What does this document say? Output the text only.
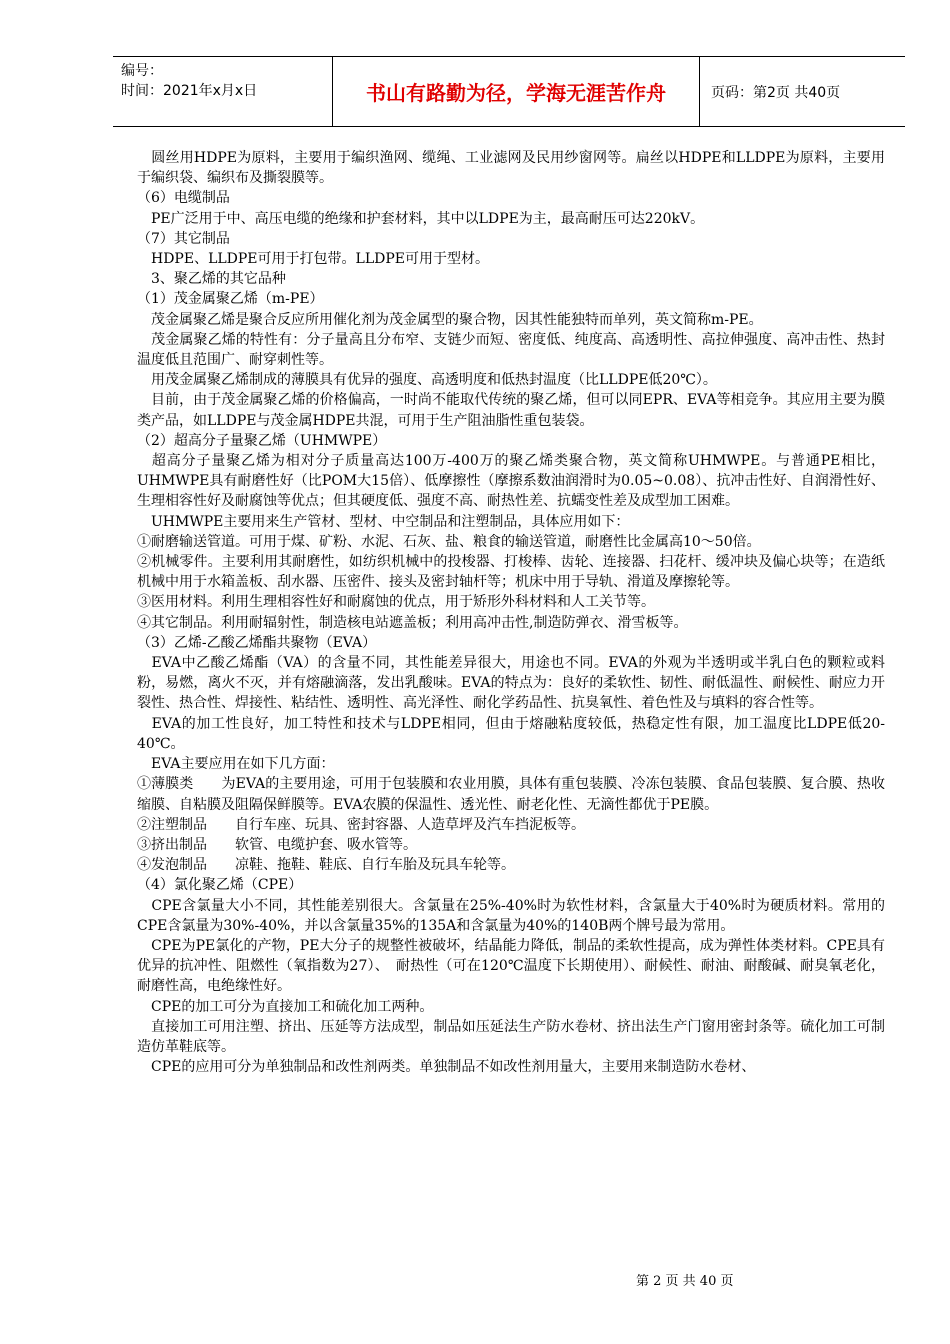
编号：
时间：2021年x月x日	书山有路勤为径，学海无涯苦作舟	页码：第2页 共40页

　圆丝用HDPE为原料，主要用于编织渔网、缆绳、工业滤网及民用纱窗网等。扁丝以HDPE和LLDPE为原料，主要用于编织袋、编织布及撕裂膜等。

（6）电缆制品

　PE广泛用于中、高压电缆的绝缘和护套材料，其中以LDPE为主，最高耐压可达220kV。

（7）其它制品

　HDPE、LLDPE可用于打包带。LLDPE可用于型材。

　3、聚乙烯的其它品种

（1）茂金属聚乙烯（m-PE）

　茂金属聚乙烯是聚合反应所用催化剂为茂金属型的聚合物，因其性能独特而单列，英文简称m-PE。

　茂金属聚乙烯的特性有：分子量高且分布窄、支链少而短、密度低、纯度高、高透明性、高拉伸强度、高冲击性、热封温度低且范围广、耐穿刺性等。

　用茂金属聚乙烯制成的薄膜具有优异的强度、高透明度和低热封温度（比LLDPE低20℃）。

　目前，由于茂金属聚乙烯的价格偏高，一时尚不能取代传统的聚乙烯，但可以同EPR、EVA等相竞争。其应用主要为膜类产品，如LLDPE与茂金属HDPE共混，可用于生产阻油脂性重包装袋。

（2）超高分子量聚乙烯（UHMWPE）

　超高分子量聚乙烯为相对分子质量高达100万-400万的聚乙烯类聚合物，英文简称UHMWPE。与普通PE相比，UHMWPE具有耐磨性好（比POM大15倍）、低摩擦性（摩擦系数油润滑时为0.05~0.08）、抗冲击性好、自润滑性好、生理相容性好及耐腐蚀等优点；但其硬度低、强度不高、耐热性差、抗蠕变性差及成型加工困难。

　UHMWPE主要用来生产管材、型材、中空制品和注塑制品，具体应用如下：

①耐磨输送管道。可用于煤、矿粉、水泥、石灰、盐、粮食的输送管道，耐磨性比金属高10～50倍。

②机械零件。主要利用其耐磨性，如纺织机械中的投梭器、打梭棒、齿轮、连接器、扫花杆、缓冲块及偏心块等；在造纸机械中用于水箱盖板、刮水器、压密件、接头及密封轴杆等；机床中用于导轨、滑道及摩擦轮等。

③医用材料。利用生理相容性好和耐腐蚀的优点，用于矫形外科材料和人工关节等。

④其它制品。利用耐辐射性，制造核电站遮盖板；利用高冲击性,制造防弹衣、滑雪板等。

（3）乙烯-乙酸乙烯酯共聚物（EVA）

　EVA中乙酸乙烯酯（VA）的含量不同，其性能差异很大，用途也不同。EVA的外观为半透明或半乳白色的颗粒或料粉，易燃，离火不灭，并有熔融滴落，发出乳酸味。EVA的特点为：良好的柔软性、韧性、耐低温性、耐候性、耐应力开裂性、热合性、焊接性、粘结性、透明性、高光泽性、耐化学药品性、抗臭氧性、着色性及与填料的容合性等。

　EVA的加工性良好，加工特性和技术与LDPE相同，但由于熔融粘度较低，热稳定性有限，加工温度比LDPE低20-40℃。

　EVA主要应用在如下几方面：

①薄膜类　　为EVA的主要用途，可用于包装膜和农业用膜，具体有重包装膜、冷冻包装膜、食品包装膜、复合膜、热收缩膜、自粘膜及阻隔保鲜膜等。EVA农膜的保温性、透光性、耐老化性、无滴性都优于PE膜。

②注塑制品　　自行车座、玩具、密封容器、人造草坪及汽车挡泥板等。

③挤出制品　　软管、电缆护套、吸水管等。

④发泡制品　　凉鞋、拖鞋、鞋底、自行车胎及玩具车轮等。

（4）氯化聚乙烯（CPE）

　CPE含氯量大小不同，其性能差别很大。含氯量在25%-40%时为软性材料，含氯量大于40%时为硬质材料。常用的CPE含氯量为30%-40%，并以含氯量35%的135A和含氯量为40%的140B两个牌号最为常用。

　CPE为PE氯化的产物，PE大分子的规整性被破坏，结晶能力降低，制品的柔软性提高，成为弹性体类材料。CPE具有优异的抗冲性、阻燃性（氧指数为27）、　耐热性（可在120℃温度下长期使用）、耐候性、耐油、耐酸碱、耐臭氧老化，耐磨性高，电绝缘性好。

　CPE的加工可分为直接加工和硫化加工两种。

　直接加工可用注塑、挤出、压延等方法成型，制品如压延法生产防水卷材、挤出法生产门窗用密封条等。硫化加工可制造仿革鞋底等。

　CPE的应用可分为单独制品和改性剂两类。单独制品不如改性剂用量大，主要用来制造防水卷材、

第 2 页 共 40 页
